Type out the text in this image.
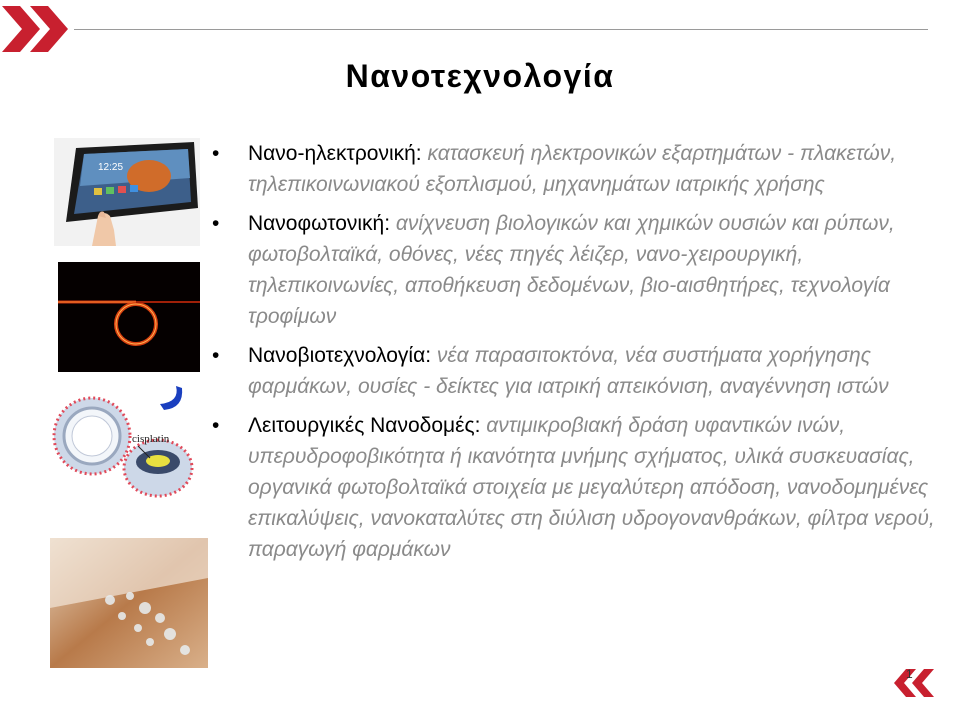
Νανοτεχνολογία
12:25
cisplatin
• Νανο-ηλεκτρονική: κατασκευή ηλεκτρονικών εξαρτημάτων - πλακετών, τηλεπικοινωνιακού εξοπλισμού, μηχανημάτων ιατρικής χρήσης
• Νανοφωτονική: ανίχνευση βιολογικών και χημικών ουσιών και ρύπων, φωτοβολταϊκά, οθόνες, νέες πηγές λέιζερ, νανο-χειρουργική, τηλεπικοινωνίες, αποθήκευση δεδομένων, βιο-αισθητήρες, τεχνολογία τροφίμων
• Νανοβιοτεχνολογία: νέα παρασιτοκτόνα, νέα συστήματα χορήγησης φαρμάκων, ουσίες - δείκτες για ιατρική απεικόνιση, αναγέννηση ιστών
• Λειτουργικές Νανοδομές: αντιμικροβιακή δράση υφαντικών ινών, υπερυδροφοβικότητα ή ικανότητα μνήμης σχήματος, υλικά συσκευασίας, οργανικά φωτοβολταϊκά στοιχεία με μεγαλύτερη απόδοση, νανοδομημένες επικαλύψεις, νανοκαταλύτες στη διύλιση υδρογονανθράκων, φίλτρα νερού, παραγωγή φαρμάκων
1
